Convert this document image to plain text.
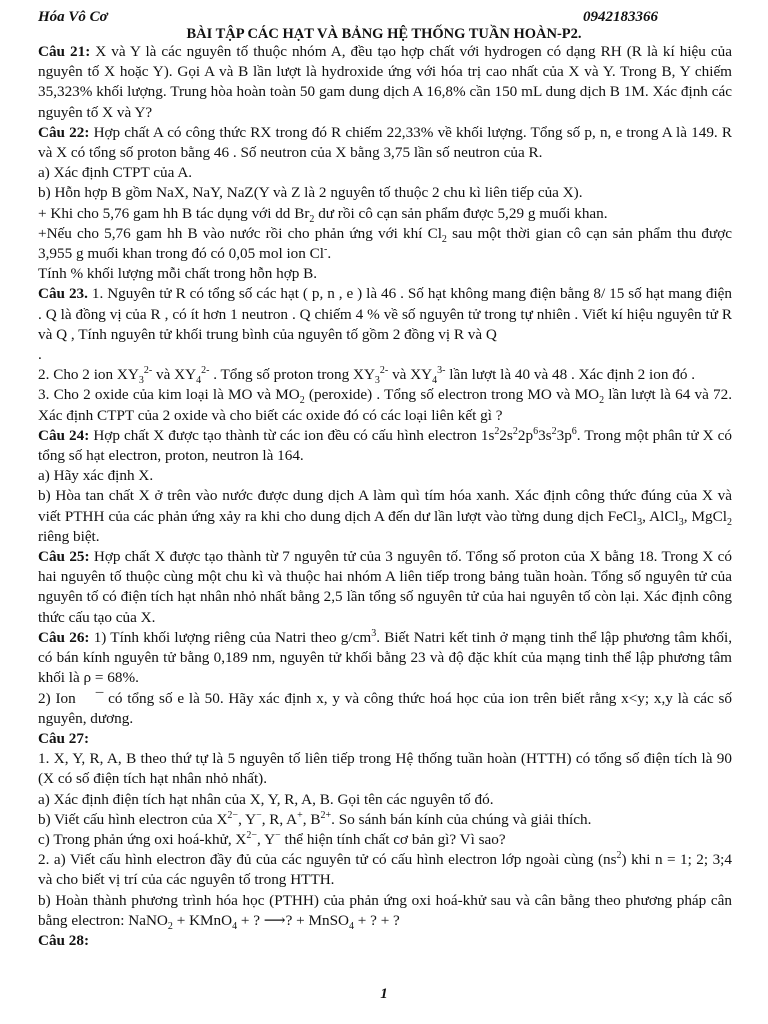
Hóa Vô Cơ	0942183366
BÀI TẬP CÁC HẠT VÀ BẢNG HỆ THỐNG TUẦN HOÀN-P2.

Câu 21: X và Y là các nguyên tố thuộc nhóm A, đều tạo hợp chất với hydrogen có dạng RH (R là kí hiệu của nguyên tố X hoặc Y). Gọi A và B lần lượt là hydroxide ứng với hóa trị cao nhất của X và Y. Trong B, Y chiếm 35,323% khối lượng. Trung hòa hoàn toàn 50 gam dung dịch A 16,8% cần 150 mL dung dịch B 1M. Xác định các nguyên tố X và Y?

Câu 22: Hợp chất A có công thức RX trong đó R chiếm 22,33% về khối lượng. Tổng số p, n, e trong A là 149. R và X có tổng số proton bằng 46 . Số neutron của X bằng 3,75 lần số neutron của R.

a) Xác định CTPT của A.

b) Hỗn hợp B gồm NaX, NaY, NaZ(Y và Z là 2 nguyên tố thuộc 2 chu kì liên tiếp của X).

+ Khi cho 5,76 gam hh B tác dụng với dd $Br_2$ dư rồi cô cạn sản phẩm được 5,29 g muối khan.

+Nếu cho 5,76 gam hh B vào nước rồi cho phản ứng với khí $Cl_2$ sau một thời gian cô cạn sản phẩm thu được 3,955 g muối khan trong đó có 0,05 mol ion Cl-.

Tính % khối lượng mỗi chất trong hỗn hợp B.

Câu 23. 1. Nguyên tử R có tổng số các hạt ( p, n , e ) là 46 . Số hạt không mang điện bằng 8/ 15 số hạt mang điện . Q là đồng vị của R , có ít hơn 1 neutron . Q chiếm 4 % về số nguyên tử trong tự nhiên . Viết kí hiệu nguyên tử R và Q , Tính nguyên tử khối trung bình của nguyên tố gồm 2 đồng vị R và Q

.

2. Cho 2 ion $XY_3^{2-}$ và $XY_4^{2-}$ . Tổng số proton trong $XY_3^{2-}$ và $XY_4^{3-}$ lần lượt là 40 và 48 . Xác định 2 ion đó .

3. Cho 2 oxide của kim loại là MO và $MO_2$ (peroxide) . Tổng số electron trong MO và $MO_2$ lần lượt là 64 và 72. Xác định CTPT của 2 oxide và cho biết các oxide đó có các loại liên kết gì ?

Câu 24: Hợp chất X được tạo thành từ các ion đều có cấu hình electron $1s^22s^22p^63s^23p^6$. Trong một phân tử X có tổng số hạt electron, proton, neutron là 164.

a) Hãy xác định X.

b) Hòa tan chất X ở trên vào nước được dung dịch A làm quì tím hóa xanh. Xác định công thức đúng của X và viết PTHH của các phản ứng xảy ra khi cho dung dịch A đến dư lần lượt vào từng dung dịch FeCl$_3$, AlCl$_3$, MgCl$_2$ riêng biệt.

Câu 25: Hợp chất X được tạo thành từ 7 nguyên tử của 3 nguyên tố. Tổng số proton của X bằng 18. Trong X có hai nguyên tố thuộc cùng một chu kì và thuộc hai nhóm A liên tiếp trong bảng tuần hoàn. Tổng số nguyên tử của nguyên tố có điện tích hạt nhân nhỏ nhất bằng 2,5 lần tổng số nguyên tử của hai nguyên tố còn lại. Xác định công thức cấu tạo của X.

Câu 26: 1) Tính khối lượng riêng của Natri theo $g/cm^3$. Biết Natri kết tinh ở mạng tinh thể lập phương tâm khối, có bán kính nguyên tử bằng 0,189 nm, nguyên tử khối bằng 23 và độ đặc khít của mạng tinh thể lập phương tâm khối là ρ = 68%.

2) Ion ¯ có tổng số e là 50. Hãy xác định x, y và công thức hoá học của ion trên biết rằng x<y; x,y là các số nguyên, dương.

Câu 27:

1. X, Y, R, A, B theo thứ tự là 5 nguyên tố liên tiếp trong Hệ thống tuần hoàn (HTTH) có tổng số điện tích là 90 (X có số điện tích hạt nhân nhỏ nhất).

a) Xác định điện tích hạt nhân của X, Y, R, A, B. Gọi tên các nguyên tố đó.

b) Viết cấu hình electron của $X^{2-}$, Y−, R, A+, $B^{2+}$. So sánh bán kính của chúng và giải thích.

c) Trong phản ứng oxi hoá-khử, $X^{2-}$, Y− thể hiện tính chất cơ bản gì? Vì sao?

2. a) Viết cấu hình electron đầy đủ của các nguyên tử có cấu hình electron lớp ngoài cùng $(ns^2)$ khi n = 1; 2; 3;4 và cho biết vị trí của các nguyên tố trong HTTH.

b) Hoàn thành phương trình hóa học (PTHH) của phản ứng oxi hoá-khử sau và cân bằng theo phương pháp cân bằng electron: NaNO$_2$ + KMnO$_4$ + ? ⟶? + MnSO$_4$ + ? + ?

Câu 28:

1
